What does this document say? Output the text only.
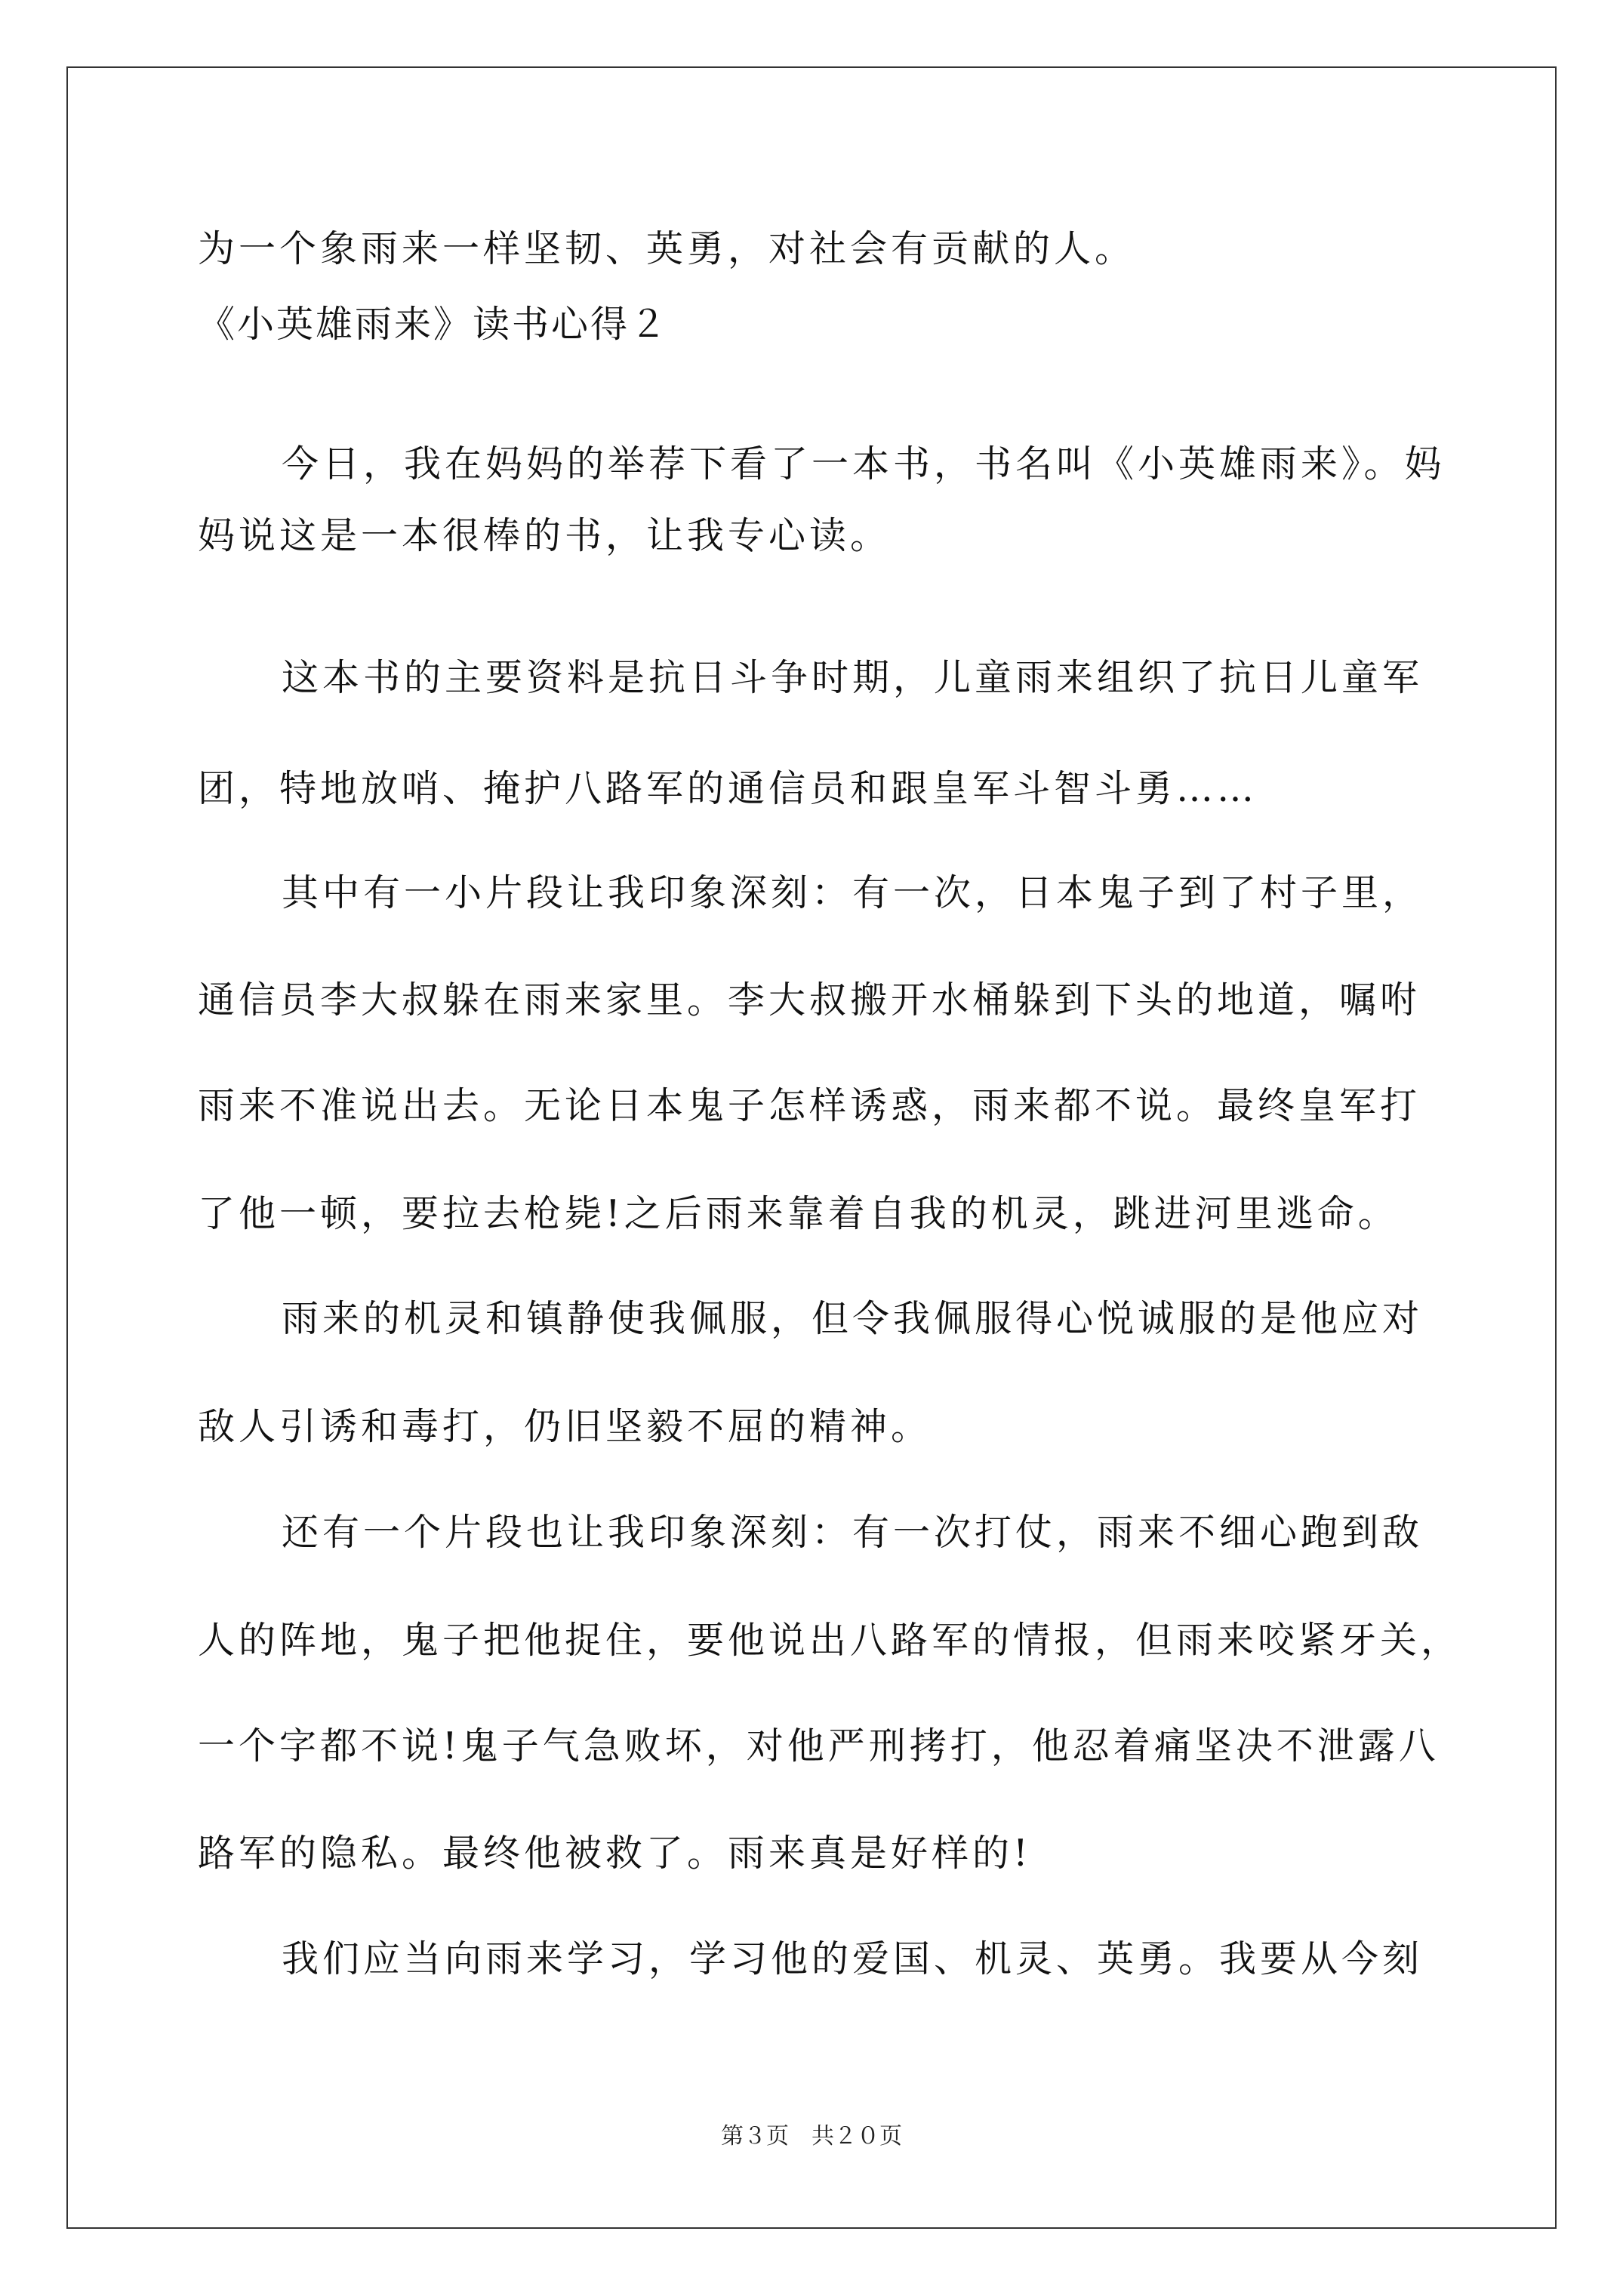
为一个象雨来一样坚韧、英勇，对社会有贡献的人。
《小英雄雨来》读书心得２
今日，我在妈妈的举荐下看了一本书，书名叫《小英雄雨来》。妈
妈说这是一本很棒的书，让我专心读。
这本书的主要资料是抗日斗争时期，儿童雨来组织了抗日儿童军
团，特地放哨、掩护八路军的通信员和跟皇军斗智斗勇……
其中有一小片段让我印象深刻：有一次，日本鬼子到了村子里，
通信员李大叔躲在雨来家里。李大叔搬开水桶躲到下头的地道，嘱咐
雨来不准说出去。无论日本鬼子怎样诱惑，雨来都不说。最终皇军打
了他一顿，要拉去枪毙!之后雨来靠着自我的机灵，跳进河里逃命。
雨来的机灵和镇静使我佩服，但令我佩服得心悦诚服的是他应对
敌人引诱和毒打，仍旧坚毅不屈的精神。
还有一个片段也让我印象深刻：有一次打仗，雨来不细心跑到敌
人的阵地，鬼子把他捉住，要他说出八路军的情报，但雨来咬紧牙关，
一个字都不说!鬼子气急败坏，对他严刑拷打，他忍着痛坚决不泄露八
路军的隐私。最终他被救了。雨来真是好样的!
我们应当向雨来学习，学习他的爱国、机灵、英勇。我要从今刻
第３页 共２０页
